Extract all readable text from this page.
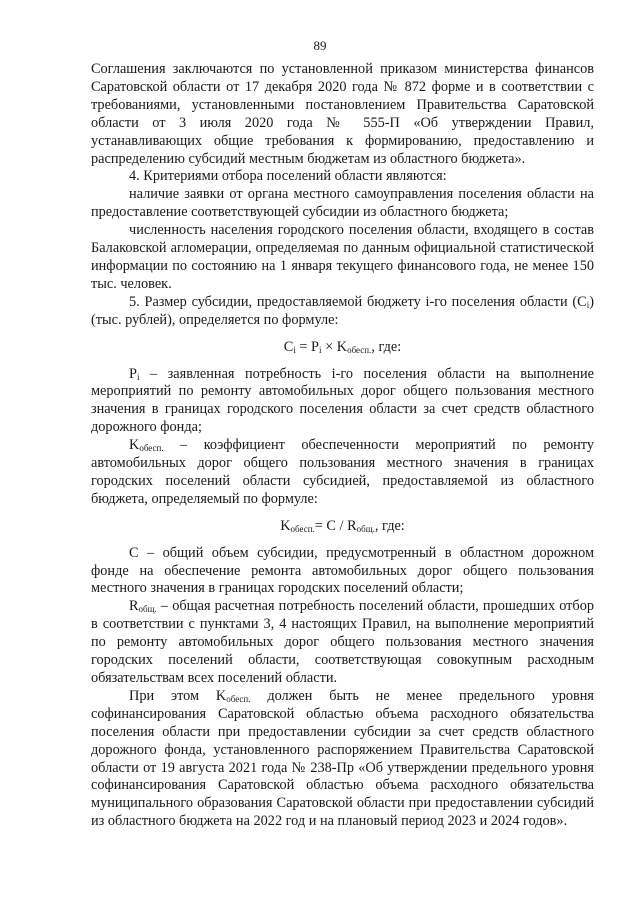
89

Соглашения заключаются по установленной приказом министерства финансов Саратовской области от 17 декабря 2020 года № 872 форме и в соответствии с требованиями, установленными постановлением Правительства Саратовской области от 3 июля 2020 года № 555-П «Об утверждении Правил, устанавливающих общие требования к формированию, предоставлению и распределению субсидий местным бюджетам из областного бюджета».

4. Критериями отбора поселений области являются:

наличие заявки от органа местного самоуправления поселения области на предоставление соответствующей субсидии из областного бюджета;

численность населения городского поселения области, входящего в состав Балаковской агломерации, определяемая по данным официальной статистической информации по состоянию на 1 января текущего финансового года, не менее 150 тыс. человек.

5. Размер субсидии, предоставляемой бюджету i-го поселения области $(C_i)$ (тыс. рублей), определяется по формуле:

$C_i = P_i \times K_{обесп.}$, где:

$P_i$ – заявленная потребность i-го поселения области на выполнение мероприятий по ремонту автомобильных дорог общего пользования местного значения в границах городского поселения области за счет средств областного дорожного фонда;

$K_{обесп.}$ – коэффициент обеспеченности мероприятий по ремонту автомобильных дорог общего пользования местного значения в границах городских поселений области субсидией, предоставляемой из областного бюджета, определяемый по формуле:

$K_{обесп.}= C / R_{общ.}$, где:

C – общий объем субсидии, предусмотренный в областном дорожном фонде на обеспечение ремонта автомобильных дорог общего пользования местного значения в границах городских поселений области;

$R_{общ.}$ – общая расчетная потребность поселений области, прошедших отбор в соответствии с пунктами 3, 4 настоящих Правил, на выполнение мероприятий по ремонту автомобильных дорог общего пользования местного значения городских поселений области, соответствующая совокупным расходным обязательствам всех поселений области.

При этом $K_{обесп.}$ должен быть не менее предельного уровня софинансирования Саратовской областью объема расходного обязательства поселения области при предоставлении субсидии за счет средств областного дорожного фонда, установленного распоряжением Правительства Саратовской области от 19 августа 2021 года № 238-Пр «Об утверждении предельного уровня софинансирования Саратовской областью объема расходного обязательства муниципального образования Саратовской области при предоставлении субсидий из областного бюджета на 2022 год и на плановый период 2023 и 2024 годов».
